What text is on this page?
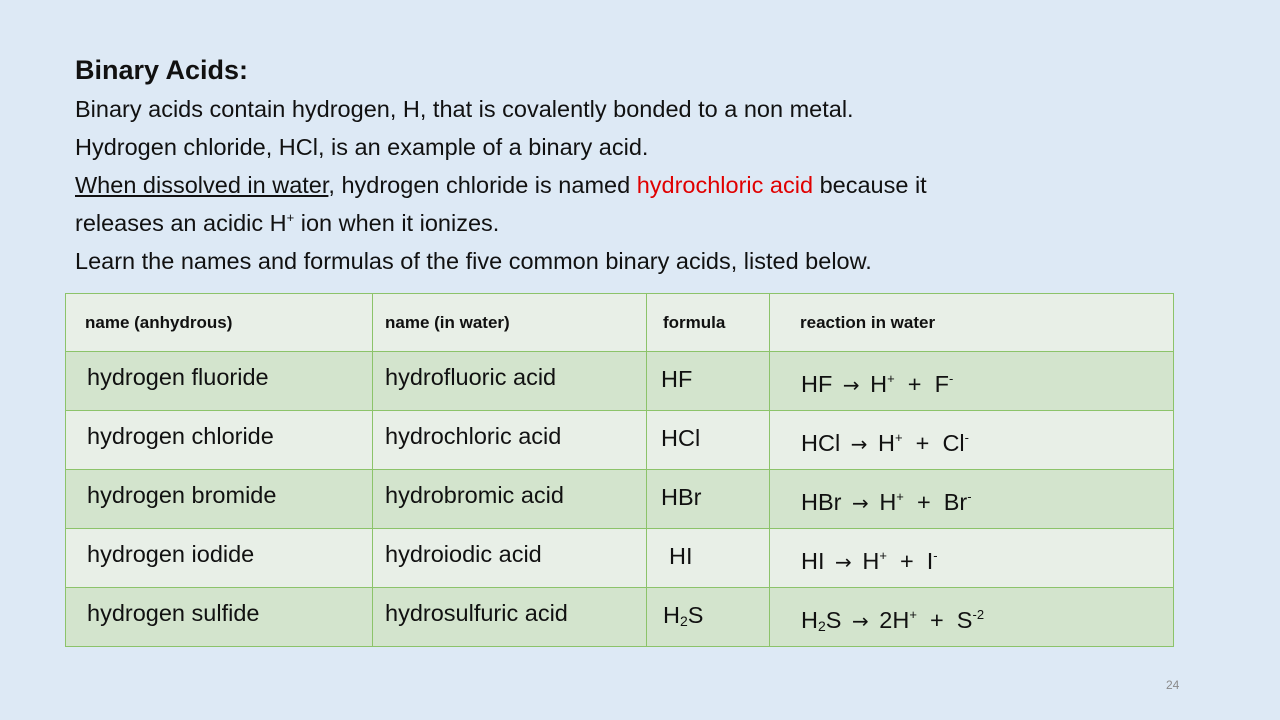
Binary Acids:

Binary acids contain hydrogen, H, that is covalently bonded to a non metal.

Hydrogen chloride, HCl, is an example of a binary acid.

When dissolved in water, hydrogen chloride is named hydrochloric acid because it

releases an acidic H+ ion when it ionizes.

Learn the names and formulas of the five common binary acids, listed below.

name (anhydrous)	name (in water)	formula	reaction in water
hydrogen fluoride	hydrofluoric acid	HF	HF → H+ + F-
hydrogen chloride	hydrochloric acid	HCl	HCl → H+ + Cl-
hydrogen bromide	hydrobromic acid	HBr	HBr → H+ + Br-
hydrogen iodide	hydroiodic acid	HI	HI → H+ + I-
hydrogen sulfide	hydrosulfuric acid	$H_2S$	$H_2S \to 2H^+ + S^{-2}$
24
